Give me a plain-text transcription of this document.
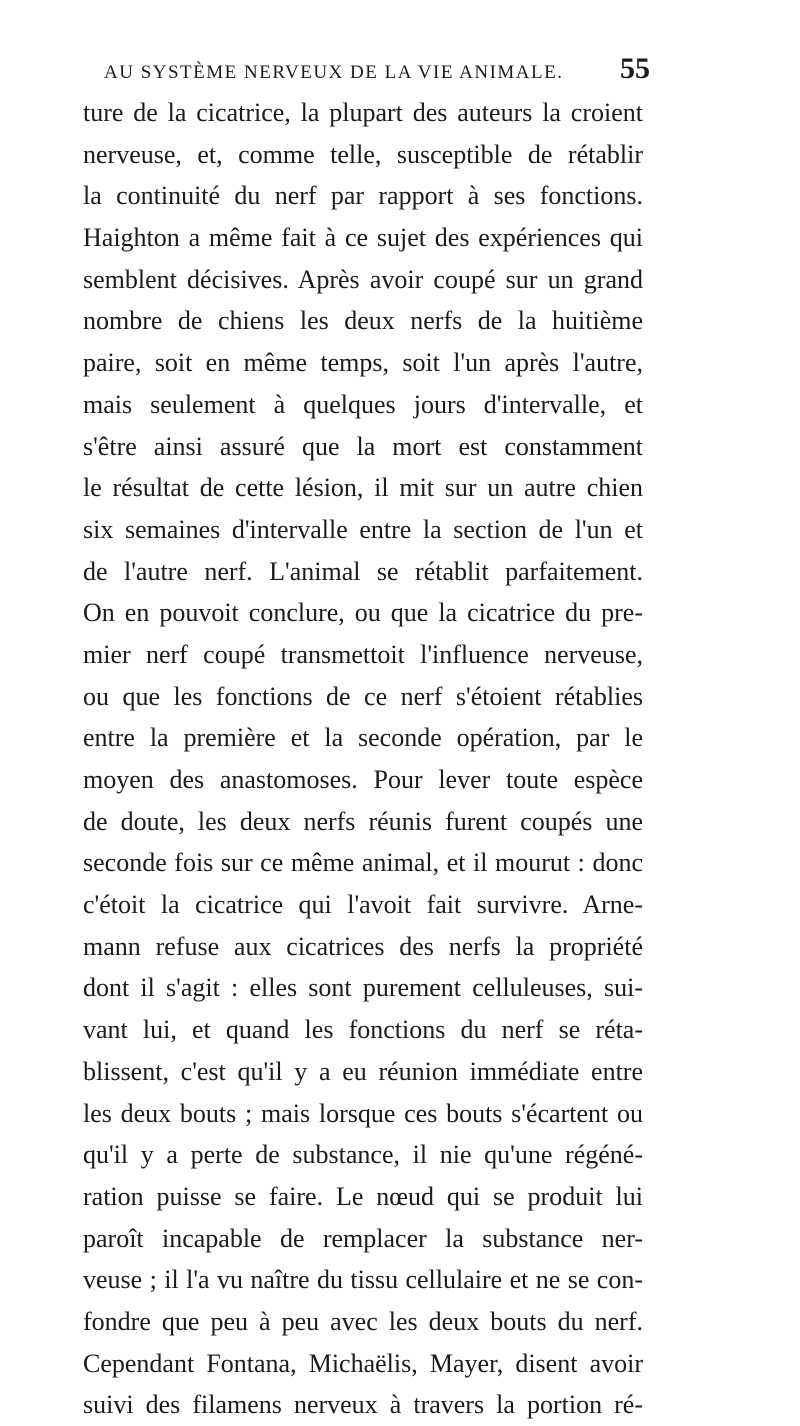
AU SYSTÈME NERVEUX DE LA VIE ANIMALE.	55
ture de la cicatrice, la plupart des auteurs la croient
nerveuse, et, comme telle, susceptible de rétablir
la continuité du nerf par rapport à ses fonctions.
Haighton a même fait à ce sujet des expériences qui
semblent décisives. Après avoir coupé sur un grand
nombre de chiens les deux nerfs de la huitième
paire, soit en même temps, soit l'un après l'autre,
mais seulement à quelques jours d'intervalle, et
s'être ainsi assuré que la mort est constamment
le résultat de cette lésion, il mit sur un autre chien
six semaines d'intervalle entre la section de l'un et
de l'autre nerf. L'animal se rétablit parfaitement.
On en pouvoit conclure, ou que la cicatrice du pre-
mier nerf coupé transmettoit l'influence nerveuse,
ou que les fonctions de ce nerf s'étoient rétablies
entre la première et la seconde opération, par le
moyen des anastomoses. Pour lever toute espèce
de doute, les deux nerfs réunis furent coupés une
seconde fois sur ce même animal, et il mourut : donc
c'étoit la cicatrice qui l'avoit fait survivre. Arne-
mann refuse aux cicatrices des nerfs la propriété
dont il s'agit : elles sont purement celluleuses, sui-
vant lui, et quand les fonctions du nerf se réta-
blissent, c'est qu'il y a eu réunion immédiate entre
les deux bouts ; mais lorsque ces bouts s'écartent ou
qu'il y a perte de substance, il nie qu'une régéné-
ration puisse se faire. Le nœud qui se produit lui
paroît incapable de remplacer la substance ner-
veuse ; il l'a vu naître du tissu cellulaire et ne se con-
fondre que peu à peu avec les deux bouts du nerf.
Cependant Fontana, Michaëlis, Mayer, disent avoir
suivi des filamens nerveux à travers la portion ré-
